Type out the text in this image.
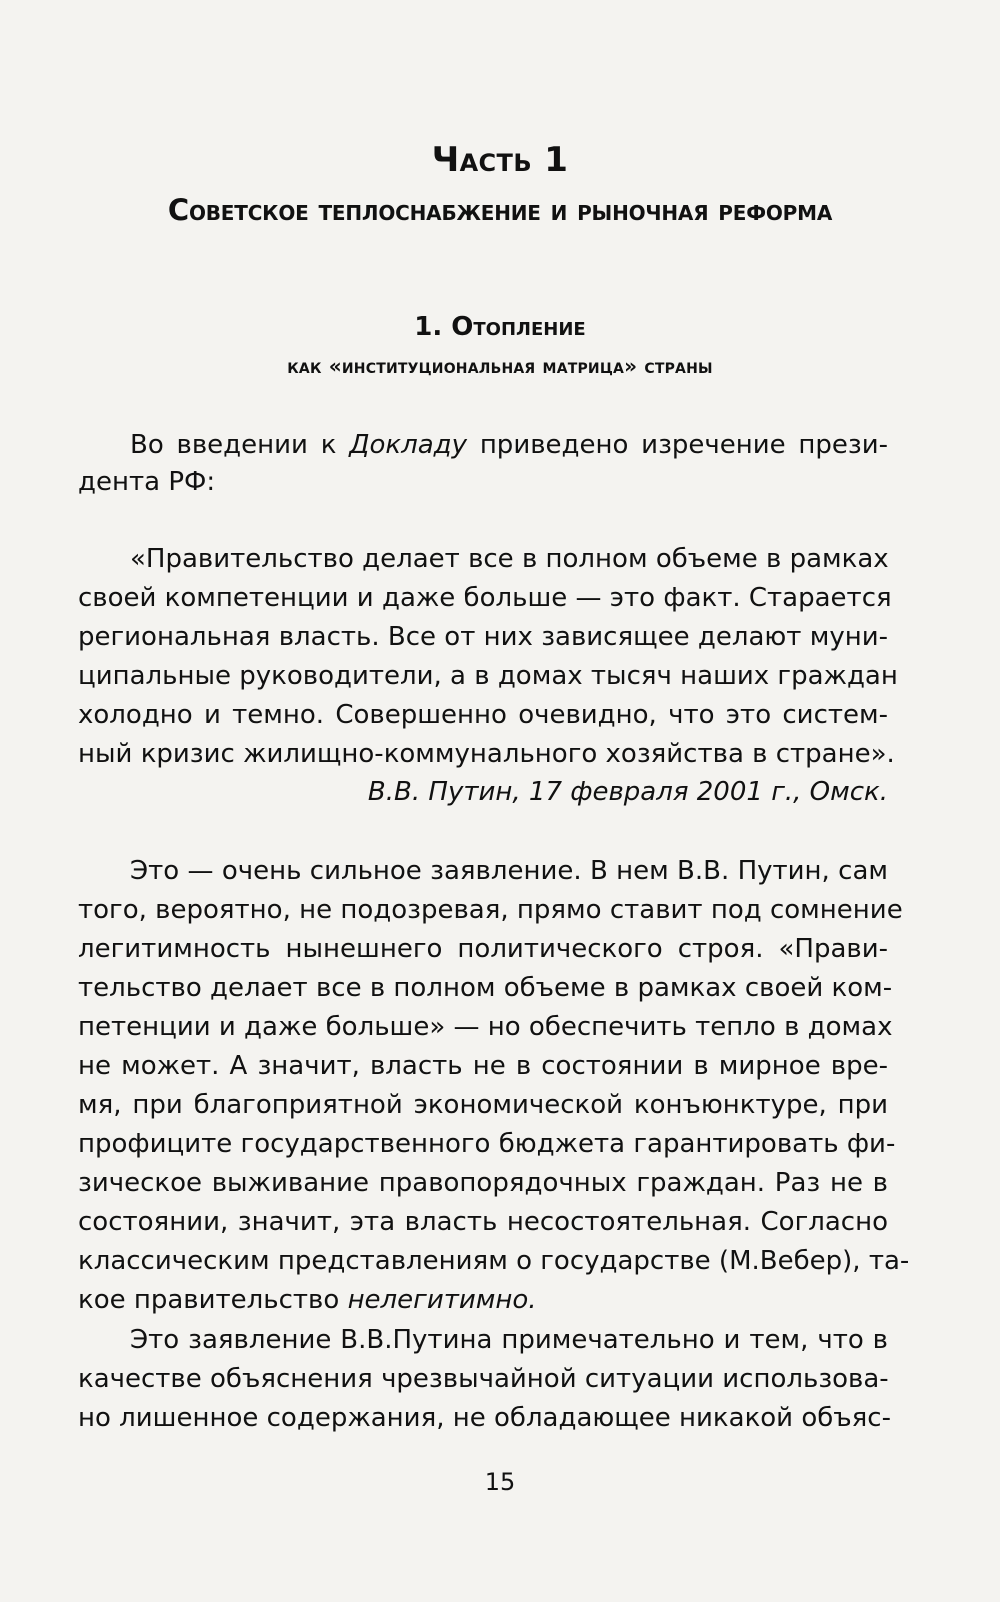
Часть 1
Советское теплоснабжение и рыночная реформа
1. Отопление
как «институциональная матрица» страны
Во введении к Докладу приведено изречение прези-
дента РФ:
«Правительство делает все в полном объеме в рамках
своей компетенции и даже больше — это факт. Старается
региональная власть. Все от них зависящее делают муни-
ципальные руководители, а в домах тысяч наших граждан
холодно и темно. Совершенно очевидно, что это систем-
ный кризис жилищно-коммунального хозяйства в стране».
В.В. Путин, 17 февраля 2001 г., Омск.
Это — очень сильное заявление. В нем В.В. Путин, сам
того, вероятно, не подозревая, прямо ставит под сомнение
легитимность нынешнего политического строя. «Прави-
тельство делает все в полном объеме в рамках своей ком-
петенции и даже больше» — но обеспечить тепло в домах
не может. А значит, власть не в состоянии в мирное вре-
мя, при благоприятной экономической конъюнктуре, при
профиците государственного бюджета гарантировать фи-
зическое выживание правопорядочных граждан. Раз не в
состоянии, значит, эта власть несостоятельная. Согласно
классическим представлениям о государстве (М.Вебер), та-
кое правительство нелегитимно.
Это заявление В.В.Путина примечательно и тем, что в
качестве объяснения чрезвычайной ситуации использова-
но лишенное содержания, не обладающее никакой объяс-
15
